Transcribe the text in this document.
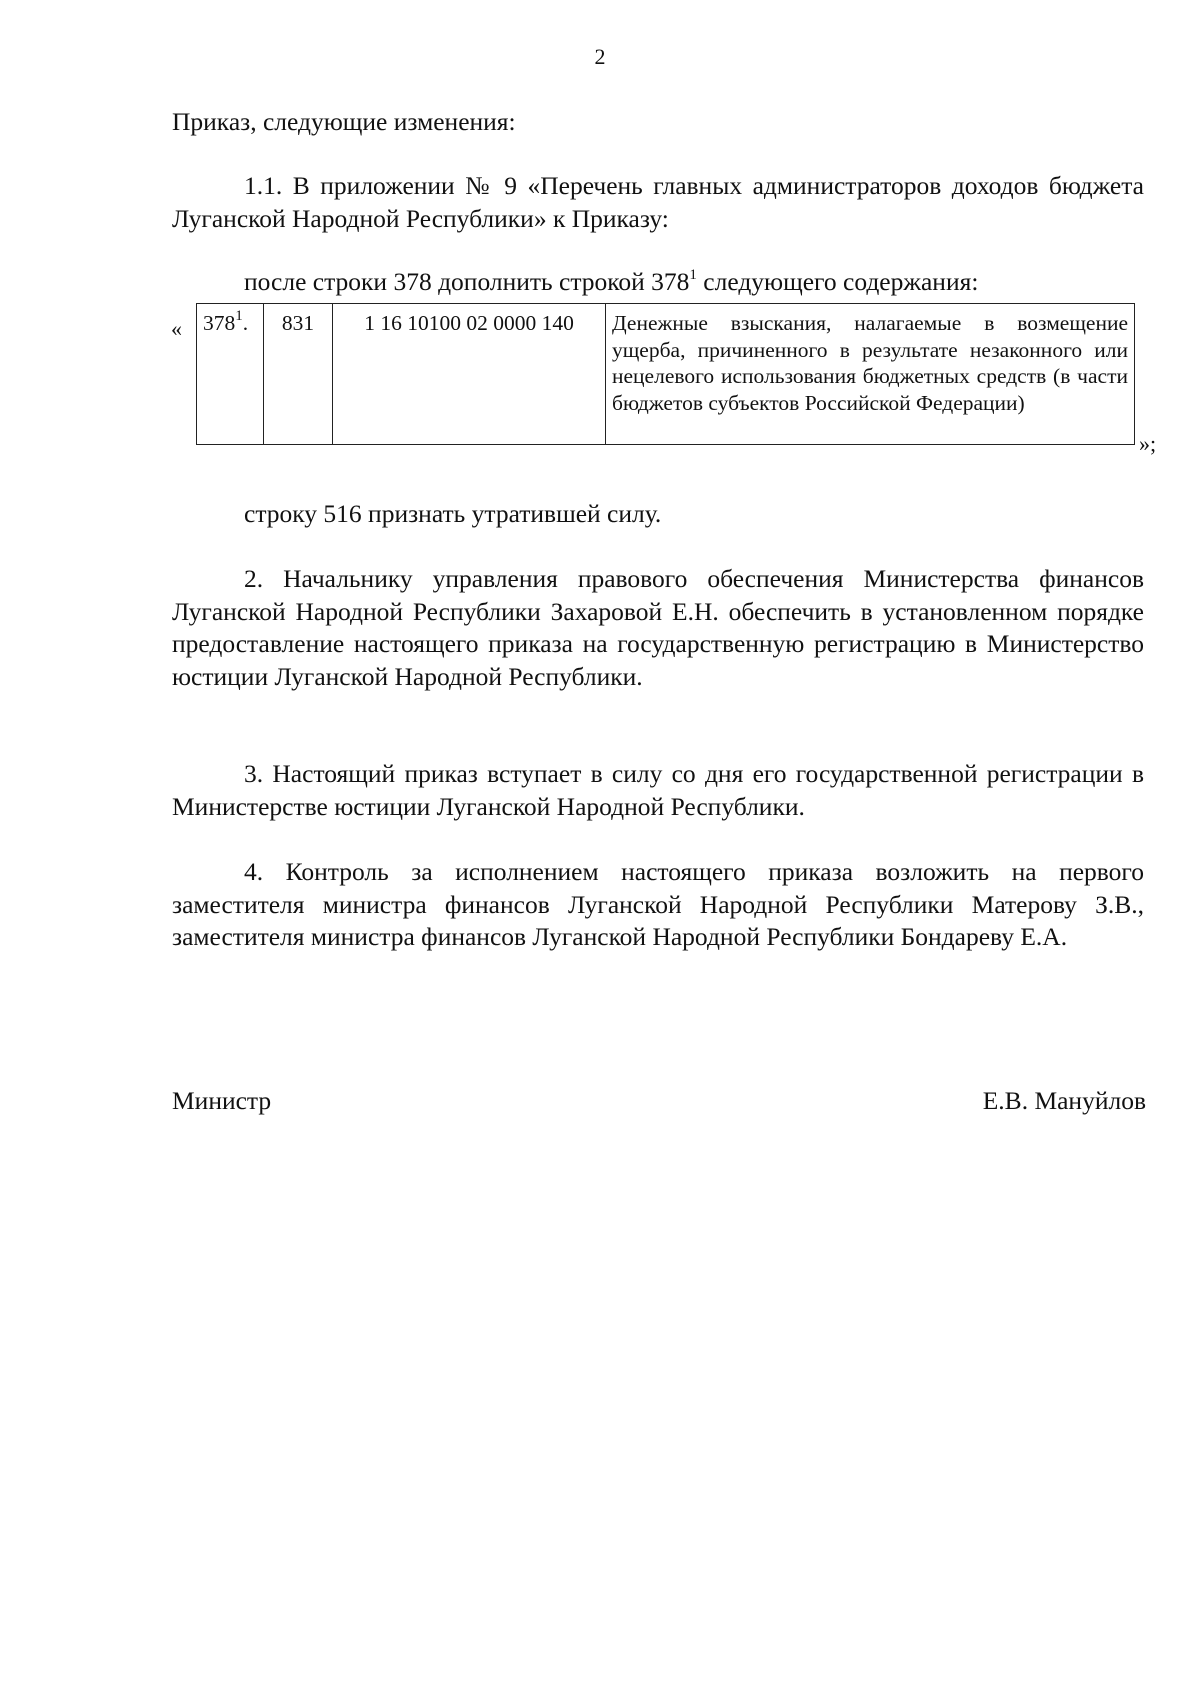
2

Приказ, следующие изменения:

1.1. В приложении № 9 «Перечень главных администраторов доходов бюджета Луганской Народной Республики» к Приказу:

после строки 378 дополнить строкой $378^1$ следующего содержания:

« $378^1$.	831	1 16 10100 02 0000 140	Денежные взыскания, налагаемые в возмещение ущерба, причиненного в результате незаконного или нецелевого использования бюджетных средств (в части бюджетов субъектов Российской Федерации)
»;

строку 516 признать утратившей силу.

2. Начальнику управления правового обеспечения Министерства финансов Луганской Народной Республики Захаровой Е.Н. обеспечить в установленном порядке предоставление настоящего приказа на государственную регистрацию в Министерство юстиции Луганской Народной Республики.

3. Настоящий приказ вступает в силу со дня его государственной регистрации в Министерстве юстиции Луганской Народной Республики.

4. Контроль за исполнением настоящего приказа возложить на первого заместителя министра финансов Луганской Народной Республики Матерову З.В., заместителя министра финансов Луганской Народной Республики Бондареву Е.А.

Министр	Е.В. Мануйлов
